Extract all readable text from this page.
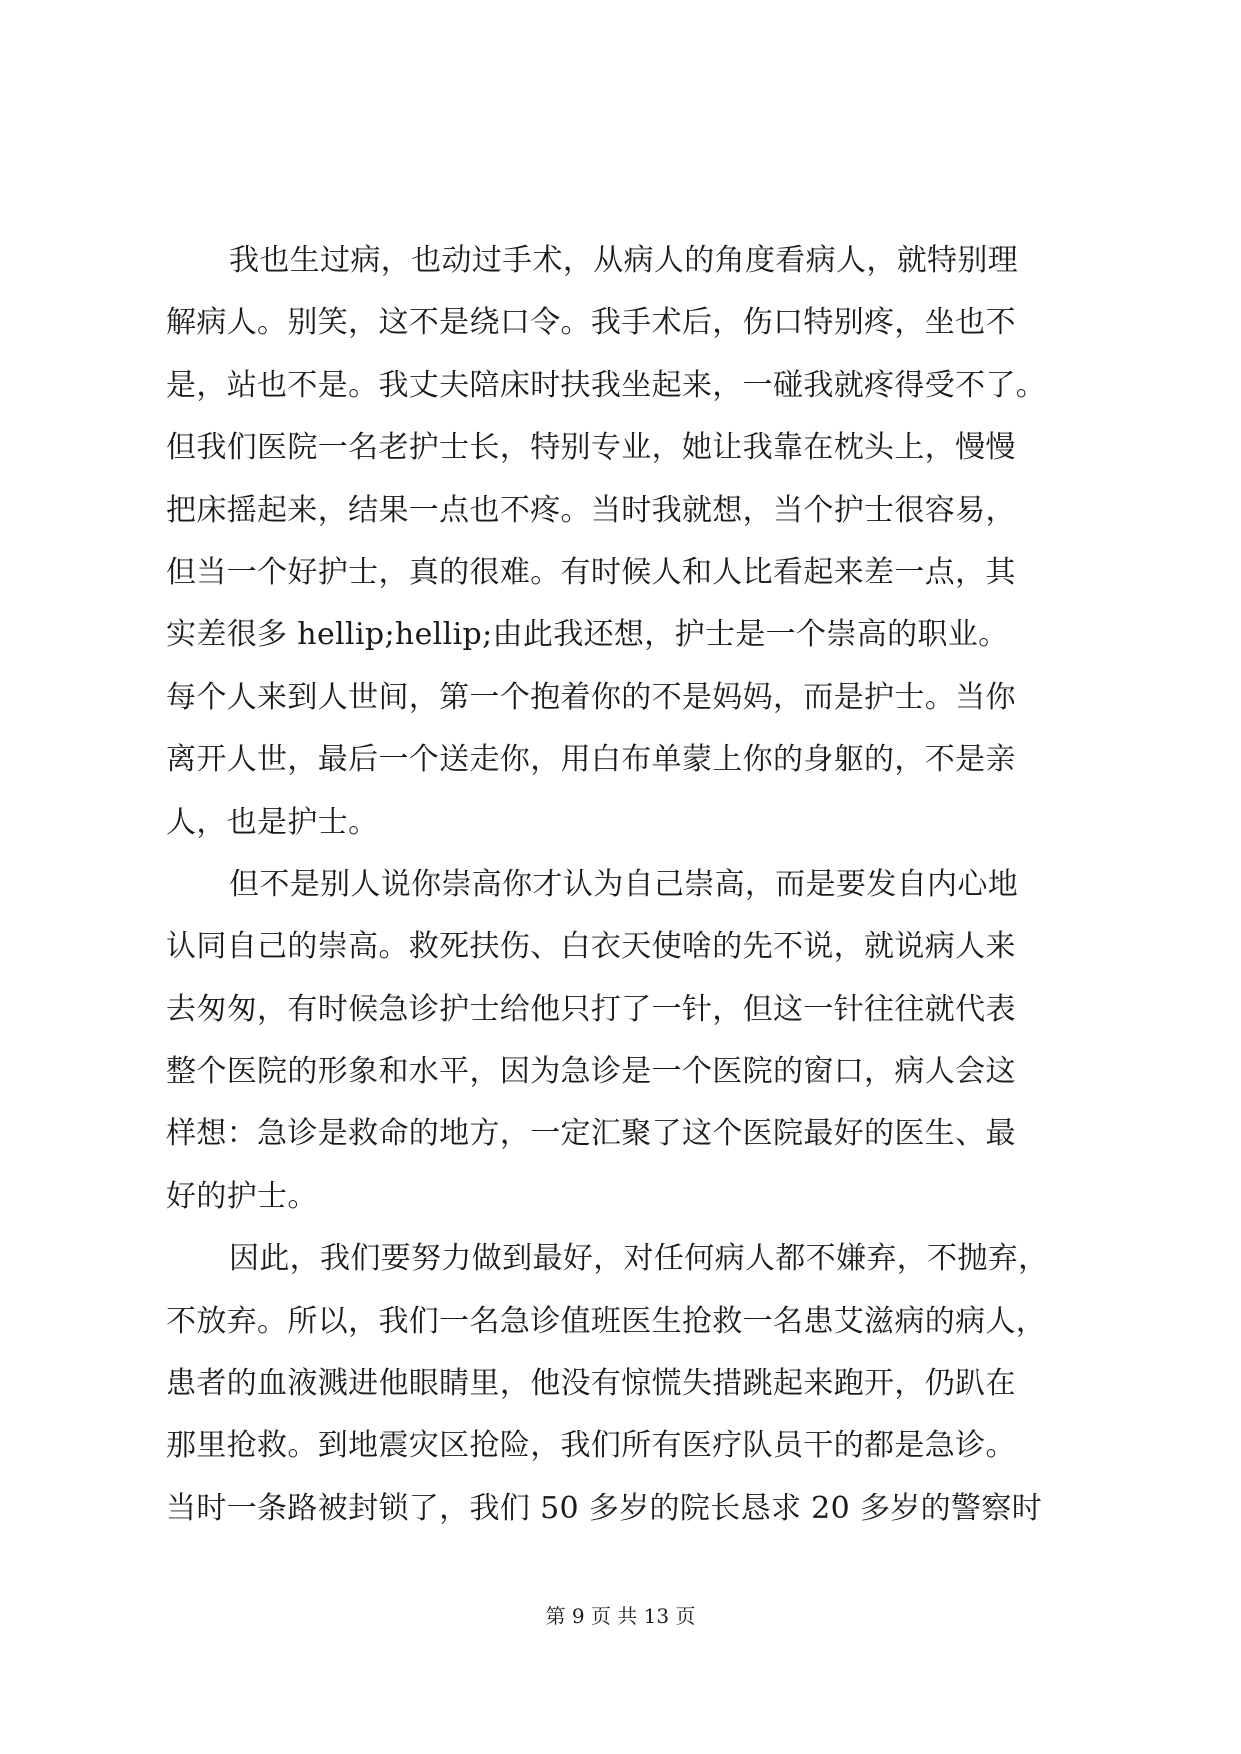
我也生过病，也动过手术，从病人的角度看病人，就特别理
解病人。别笑，这不是绕口令。我手术后，伤口特别疼，坐也不
是，站也不是。我丈夫陪床时扶我坐起来，一碰我就疼得受不了。
但我们医院一名老护士长，特别专业，她让我靠在枕头上，慢慢
把床摇起来，结果一点也不疼。当时我就想，当个护士很容易，
但当一个好护士，真的很难。有时候人和人比看起来差一点，其
实差很多 hellip;hellip;由此我还想，护士是一个崇高的职业。
每个人来到人世间，第一个抱着你的不是妈妈，而是护士。当你
离开人世，最后一个送走你，用白布单蒙上你的身躯的，不是亲
人，也是护士。
但不是别人说你崇高你才认为自己崇高，而是要发自内心地
认同自己的崇高。救死扶伤、白衣天使啥的先不说，就说病人来
去匆匆，有时候急诊护士给他只打了一针，但这一针往往就代表
整个医院的形象和水平，因为急诊是一个医院的窗口，病人会这
样想：急诊是救命的地方，一定汇聚了这个医院最好的医生、最
好的护士。
因此，我们要努力做到最好，对任何病人都不嫌弃，不抛弃，
不放弃。所以，我们一名急诊值班医生抢救一名患艾滋病的病人，
患者的血液溅进他眼睛里，他没有惊慌失措跳起来跑开，仍趴在
那里抢救。到地震灾区抢险，我们所有医疗队员干的都是急诊。
当时一条路被封锁了，我们 50 多岁的院长恳求 20 多岁的警察时
第 9 页 共 13 页
